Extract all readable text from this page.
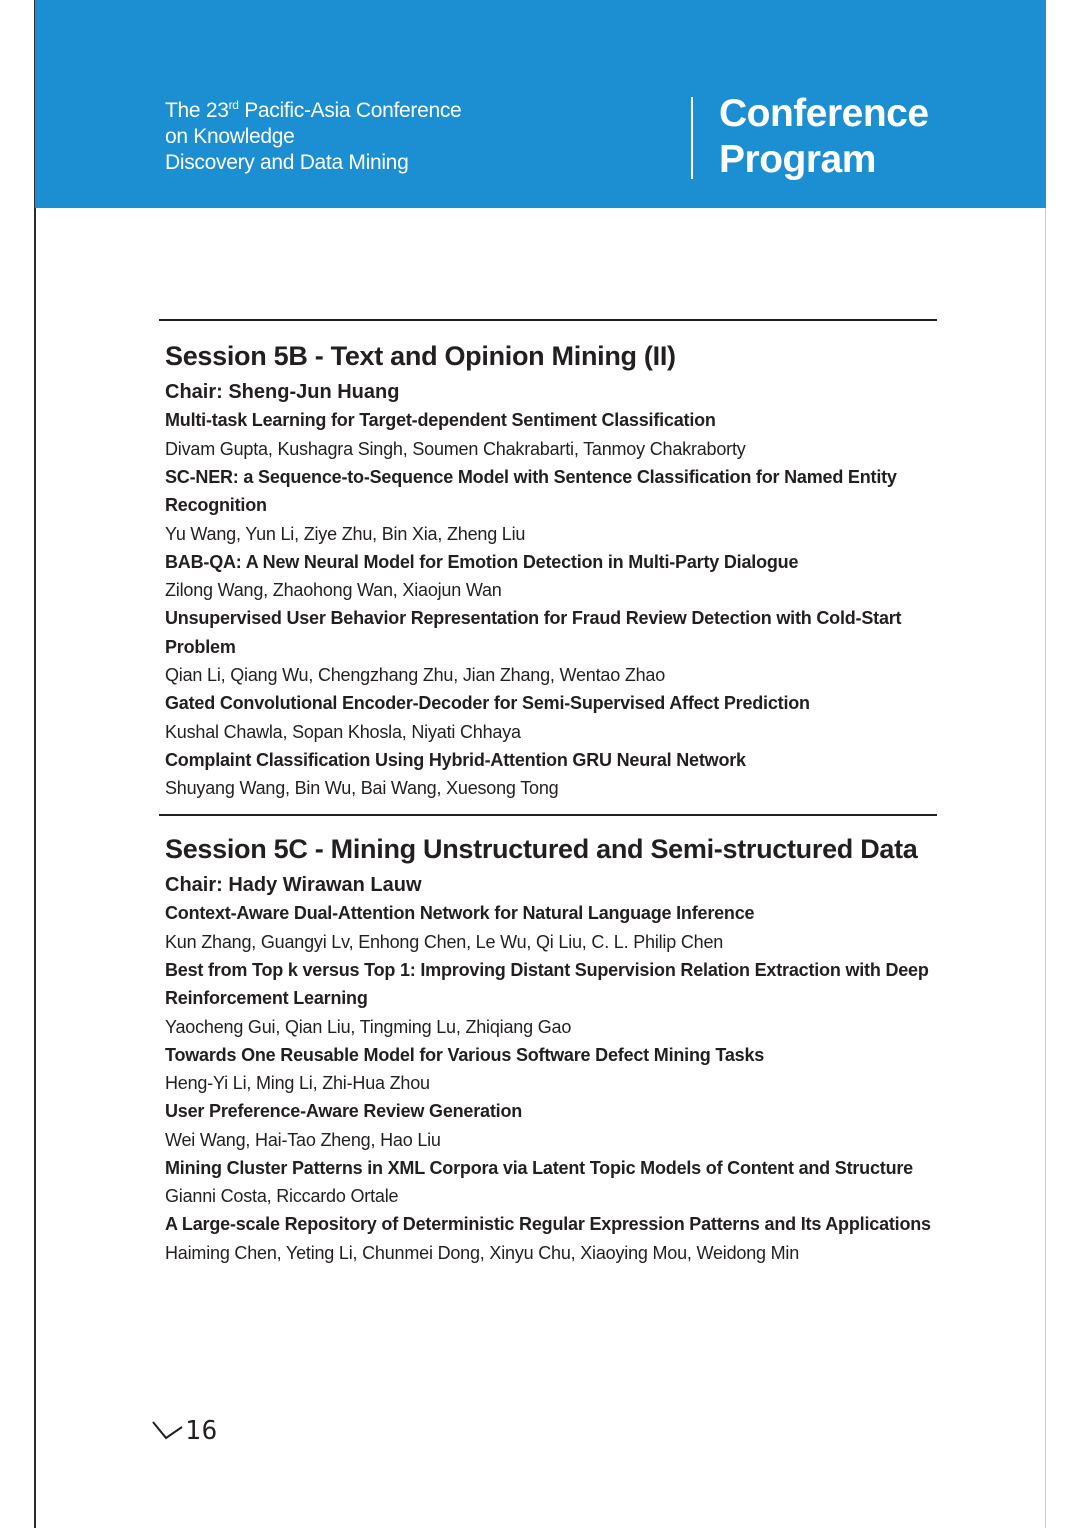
The 23rd Pacific-Asia Conference
on Knowledge
Discovery and Data Mining
Conference
Program
Session 5B - Text and Opinion Mining (II)
Chair: Sheng-Jun Huang
Multi-task Learning for Target-dependent Sentiment Classification
Divam Gupta, Kushagra Singh, Soumen Chakrabarti, Tanmoy Chakraborty
SC-NER: a Sequence-to-Sequence Model with Sentence Classification for Named Entity Recognition
Yu Wang, Yun Li, Ziye Zhu, Bin Xia, Zheng Liu
BAB-QA: A New Neural Model for Emotion Detection in Multi-Party Dialogue
Zilong Wang, Zhaohong Wan, Xiaojun Wan
Unsupervised User Behavior Representation for Fraud Review Detection with Cold-Start Problem
Qian Li, Qiang Wu, Chengzhang Zhu, Jian Zhang, Wentao Zhao
Gated Convolutional Encoder-Decoder for Semi-Supervised Affect Prediction
Kushal Chawla, Sopan Khosla, Niyati Chhaya
Complaint Classification Using Hybrid-Attention GRU Neural Network
Shuyang Wang, Bin Wu, Bai Wang, Xuesong Tong
Session 5C - Mining Unstructured and Semi-structured Data
Chair: Hady Wirawan Lauw
Context-Aware Dual-Attention Network for Natural Language Inference
Kun Zhang, Guangyi Lv, Enhong Chen, Le Wu, Qi Liu, C. L. Philip Chen
Best from Top k versus Top 1: Improving Distant Supervision Relation Extraction with Deep Reinforcement Learning
Yaocheng Gui, Qian Liu, Tingming Lu, Zhiqiang Gao
Towards One Reusable Model for Various Software Defect Mining Tasks
Heng-Yi Li, Ming Li, Zhi-Hua Zhou
User Preference-Aware Review Generation
Wei Wang, Hai-Tao Zheng, Hao Liu
Mining Cluster Patterns in XML Corpora via Latent Topic Models of Content and Structure
Gianni Costa, Riccardo Ortale
A Large-scale Repository of Deterministic Regular Expression Patterns and Its Applications
Haiming Chen, Yeting Li, Chunmei Dong, Xinyu Chu, Xiaoying Mou, Weidong Min
16
